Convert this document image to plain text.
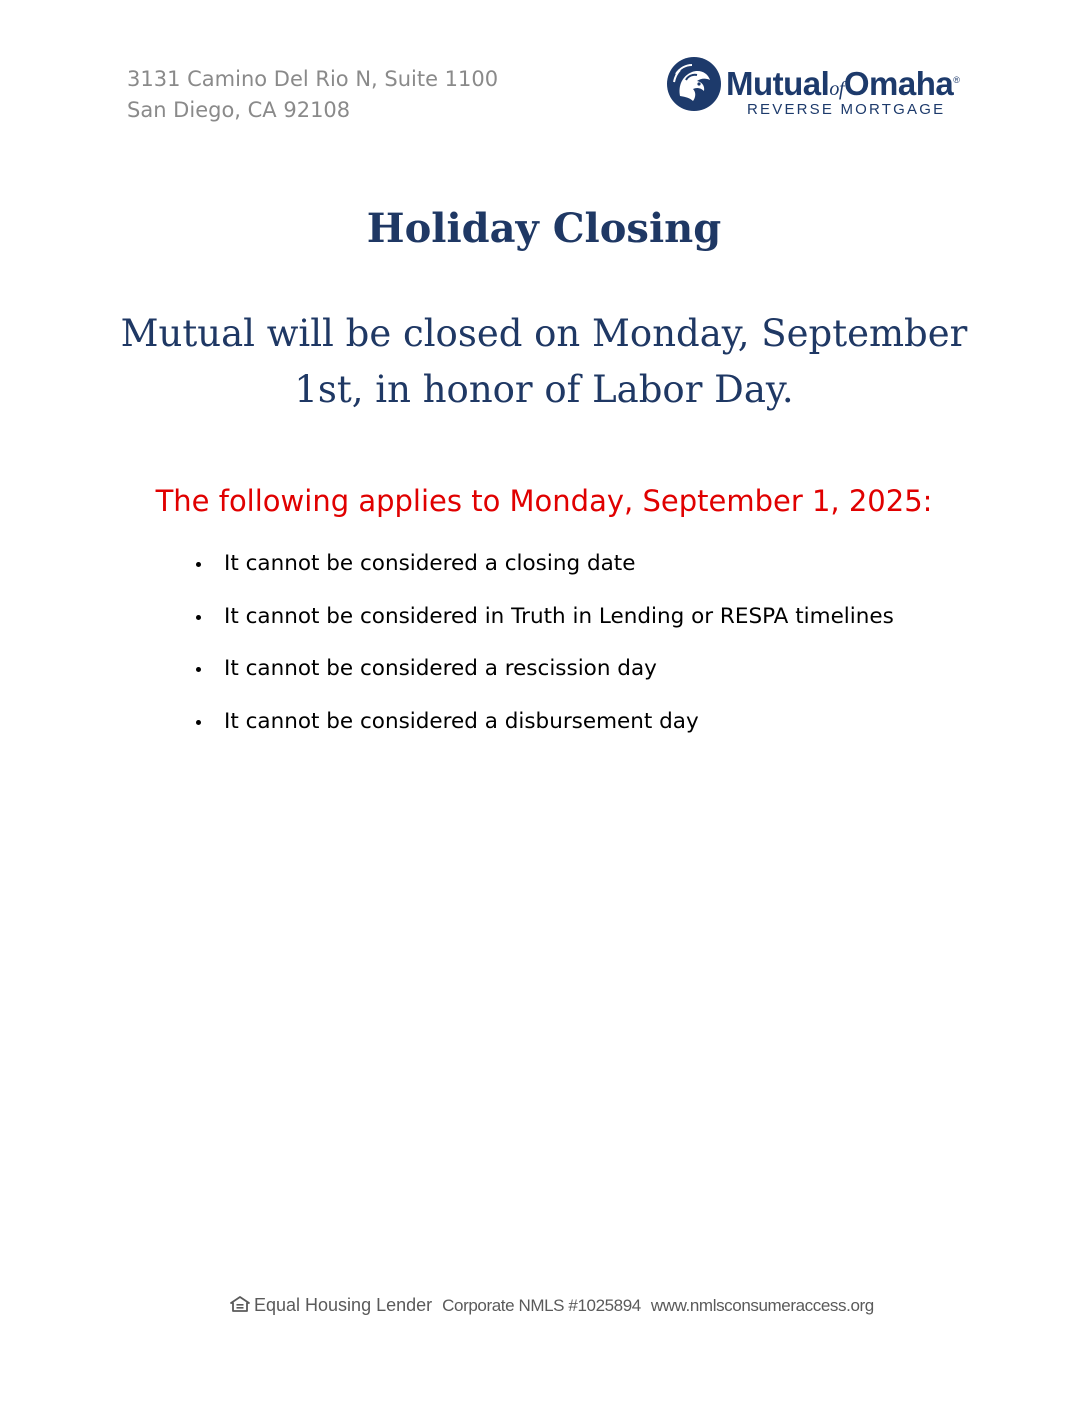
3131 Camino Del Rio N, Suite 1100
San Diego, CA 92108
MutualofOmaha®
REVERSE MORTGAGE
Holiday Closing

Mutual will be closed on Monday, September 1st, in honor of Labor Day.

The following applies to Monday, September 1, 2025:

It cannot be considered a closing date
It cannot be considered in Truth in Lending or RESPA timelines
It cannot be considered a rescission day
It cannot be considered a disbursement day
Equal Housing Lender Corporate NMLS #1025894 www.nmlsconsumeraccess.org
